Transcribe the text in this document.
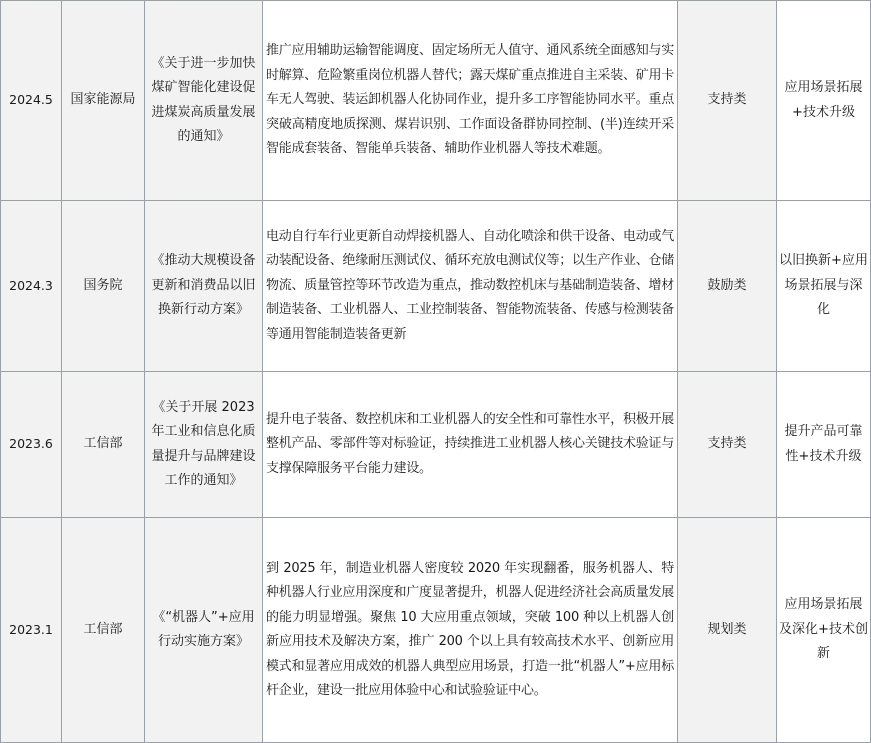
2024.5	国家能源局	《关于进一步加快煤矿智能化建设促进煤炭高质量发展的通知》	推广应用辅助运输智能调度、固定场所无人值守、通风系统全面感知与实时解算、危险繁重岗位机器人替代；露天煤矿重点推进自主采装、矿用卡车无人驾驶、装运卸机器人化协同作业，提升多工序智能协同水平。重点突破高精度地质探测、煤岩识别、工作面设备群协同控制、(半)连续开采智能成套装备、智能单兵装备、辅助作业机器人等技术难题。	支持类	应用场景拓展+技术升级
2024.3	国务院	《推动大规模设备更新和消费品以旧换新行动方案》	电动自行车行业更新自动焊接机器人、自动化喷涂和供干设备、电动或气动装配设备、绝缘耐压测试仪、循环充放电测试仪等；以生产作业、仓储物流、质量管控等环节改造为重点，推动数控机床与基础制造装备、增材制造装备、工业机器人、工业控制装备、智能物流装备、传感与检测装备等通用智能制造装备更新	鼓励类	以旧换新+应用场景拓展与深化
2023.6	工信部	《关于开展 2023 年工业和信息化质量提升与品牌建设工作的通知》	提升电子装备、数控机床和工业机器人的安全性和可靠性水平，积极开展整机产品、零部件等对标验证，持续推进工业机器人核心关键技术验证与支撑保障服务平台能力建设。	支持类	提升产品可靠性+技术升级
2023.1	工信部	《“机器人”+应用行动实施方案》	到 2025 年，制造业机器人密度较 2020 年实现翻番，服务机器人、特种机器人行业应用深度和广度显著提升，机器人促进经济社会高质量发展的能力明显增强。聚焦 10 大应用重点领域，突破 100 种以上机器人创新应用技术及解决方案，推广 200 个以上具有较高技术水平、创新应用模式和显著应用成效的机器人典型应用场景，打造一批“机器人”+应用标杆企业，建设一批应用体验中心和试验验证中心。	规划类	应用场景拓展及深化+技术创新
